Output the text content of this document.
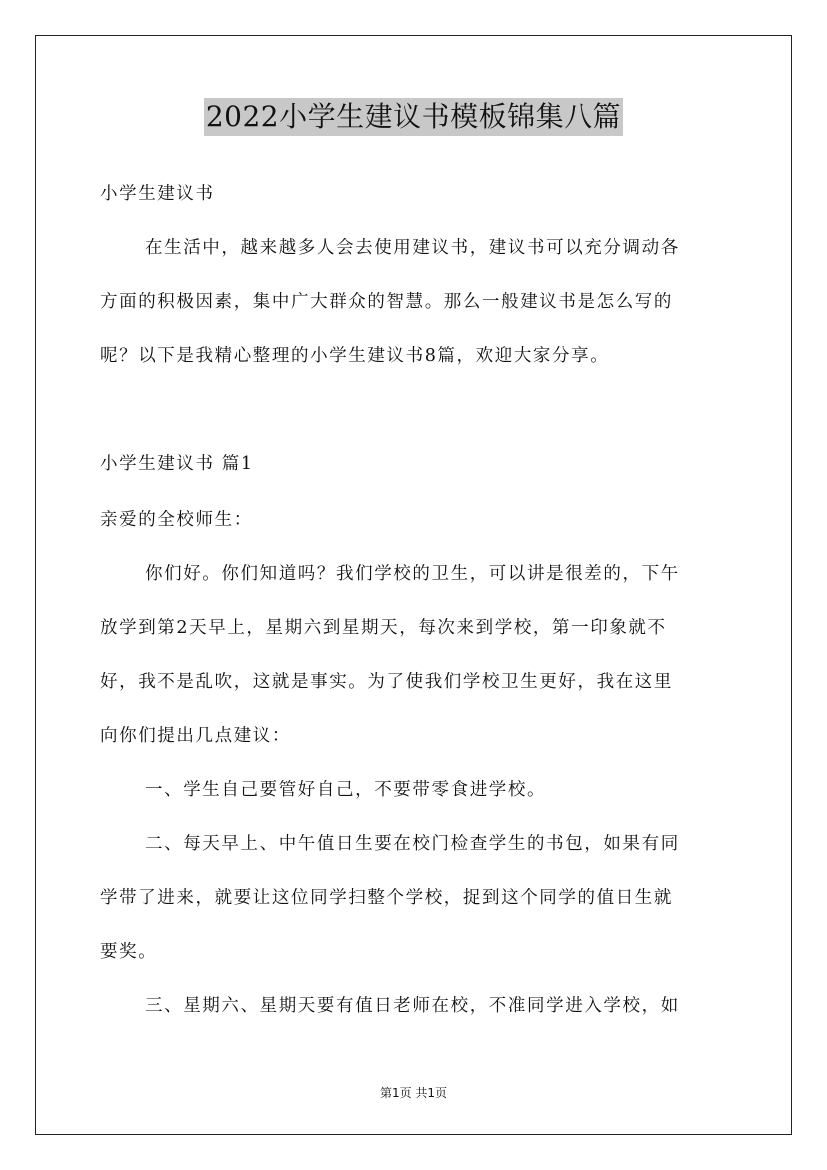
2022小学生建议书模板锦集八篇
小学生建议书
在生活中，越来越多人会去使用建议书，建议书可以充分调动各
方面的积极因素，集中广大群众的智慧。那么一般建议书是怎么写的
呢？以下是我精心整理的小学生建议书8篇，欢迎大家分享。
小学生建议书 篇1
亲爱的全校师生：
你们好。你们知道吗？我们学校的卫生，可以讲是很差的，下午
放学到第2天早上，星期六到星期天，每次来到学校，第一印象就不
好，我不是乱吹，这就是事实。为了使我们学校卫生更好，我在这里
向你们提出几点建议：
一、学生自己要管好自己，不要带零食进学校。
二、每天早上、中午值日生要在校门检查学生的书包，如果有同
学带了进来，就要让这位同学扫整个学校，捉到这个同学的值日生就
要奖。
三、星期六、星期天要有值日老师在校，不准同学进入学校，如
第1页 共1页
